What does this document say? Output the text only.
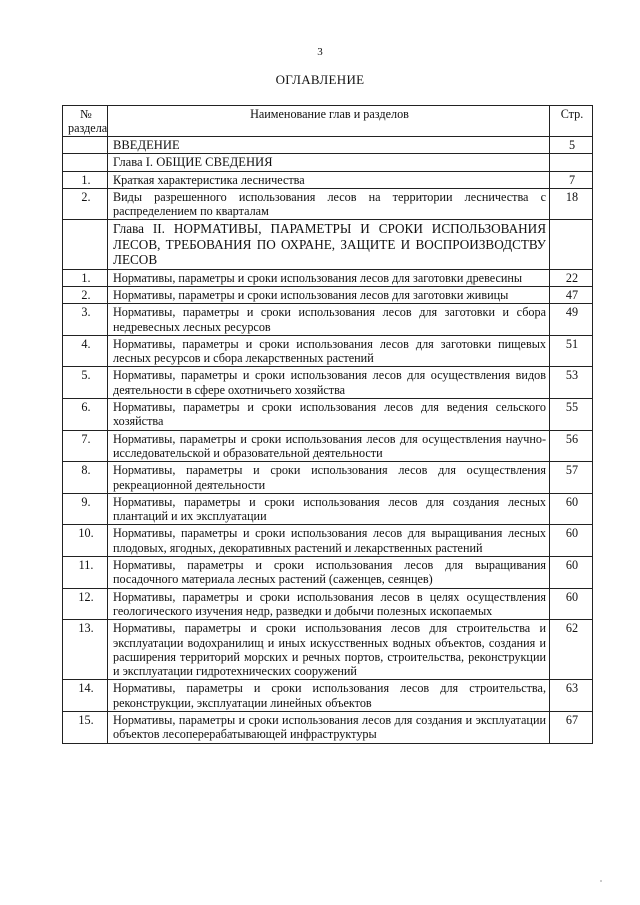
3
ОГЛАВЛЕНИЕ
№
раздела	Наименование глав и разделов	Стр.
	ВВЕДЕНИЕ	5
	Глава I. ОБЩИЕ СВЕДЕНИЯ	
1.	Краткая характеристика лесничества	7
2.	Виды разрешенного использования лесов на территории лесничества с распределением по кварталам	18
	Глава II. НОРМАТИВЫ, ПАРАМЕТРЫ И СРОКИ ИСПОЛЬЗОВАНИЯ ЛЕСОВ, ТРЕБОВАНИЯ ПО ОХРАНЕ, ЗАЩИТЕ И ВОСПРОИЗВОДСТВУ ЛЕСОВ	
1.	Нормативы, параметры и сроки использования лесов для заготовки древесины	22
2.	Нормативы, параметры и сроки использования лесов для заготовки живицы	47
3.	Нормативы, параметры и сроки использования лесов для заготовки и сбора недревесных лесных ресурсов	49
4.	Нормативы, параметры и сроки использования лесов для заготовки пищевых лесных ресурсов и сбора лекарственных растений	51
5.	Нормативы, параметры и сроки использования лесов для осуществления видов деятельности в сфере охотничьего хозяйства	53
6.	Нормативы, параметры и сроки использования лесов для ведения сельского хозяйства	55
7.	Нормативы, параметры и сроки использования лесов для осуществления научно-исследовательской и образовательной деятельности	56
8.	Нормативы, параметры и сроки использования лесов для осуществления рекреационной деятельности	57
9.	Нормативы, параметры и сроки использования лесов для создания лесных плантаций и их эксплуатации	60
10.	Нормативы, параметры и сроки использования лесов для выращивания лесных плодовых, ягодных, декоративных растений и лекарственных растений	60
11.	Нормативы, параметры и сроки использования лесов для выращивания посадочного материала лесных растений (саженцев, сеянцев)	60
12.	Нормативы, параметры и сроки использования лесов в целях осуществления геологического изучения недр, разведки и добычи полезных ископаемых	60
13.	Нормативы, параметры и сроки использования лесов для строительства и эксплуатации водохранилищ и иных искусственных водных объектов, создания и расширения территорий морских и речных портов, строительства, реконструкции и эксплуатации гидротехнических сооружений	62
14.	Нормативы, параметры и сроки использования лесов для строительства, реконструкции, эксплуатации линейных объектов	63
15.	Нормативы, параметры и сроки использования лесов для создания и эксплуатации объектов лесоперерабатывающей инфраструктуры	67
